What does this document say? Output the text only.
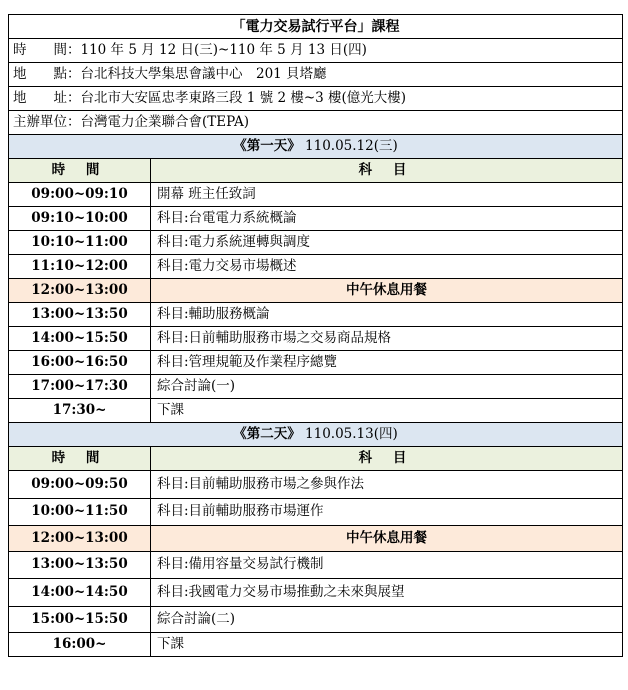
「電力交易試行平台」課程	
時　　間：110 年 5 月 12 日(三)~110 年 5 月 13 日(四)	
地　　點：台北科技大學集思會議中心　201 貝塔廳	
地　　址：台北市大安區忠孝東路三段 1 號 2 樓~3 樓(億光大樓)	
主辦單位：台灣電力企業聯合會(TEPA)	
《第一天》 110.05.12(三)	
時 間	科 目
09:00~09:10	開幕 班主任致詞
09:10~10:00	科目:台電電力系統概論
10:10~11:00	科目:電力系統運轉與調度
11:10~12:00	科目:電力交易市場概述
12:00~13:00	中午休息用餐
13:00~13:50	科目:輔助服務概論
14:00~15:50	科目:日前輔助服務市場之交易商品規格
16:00~16:50	科目:管理規範及作業程序總覽
17:00~17:30	綜合討論(一)
17:30~	下課
《第二天》 110.05.13(四)	
時 間	科 目
09:00~09:50	科目:目前輔助服務市場之參與作法
10:00~11:50	科目:目前輔助服務市場運作
12:00~13:00	中午休息用餐
13:00~13:50	科目:備用容量交易試行機制
14:00~14:50	科目:我國電力交易市場推動之未來與展望
15:00~15:50	綜合討論(二)
16:00~	下課
